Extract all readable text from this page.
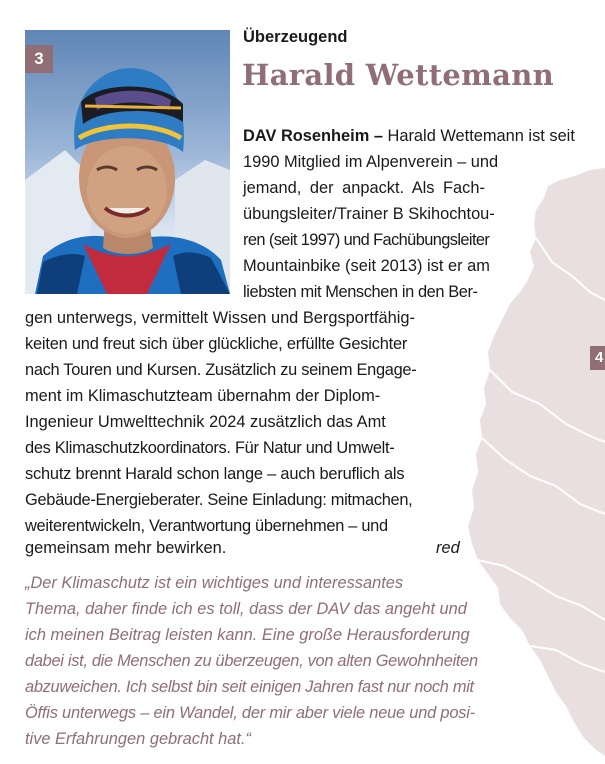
3
4
Überzeugend
Harald Wettemann
DAV Rosenheim – Harald Wettemann ist seit
1990 Mitglied im Alpenverein – und
jemand, der anpackt. Als Fach-
übungsleiter/Trainer B Skihochtou-
ren (seit 1997) und Fachübungsleiter
Mountainbike (seit 2013) ist er am
liebsten mit Menschen in den Ber-
gen unterwegs, vermittelt Wissen und Bergsportfähig-
keiten und freut sich über glückliche, erfüllte Gesichter
nach Touren und Kursen. Zusätzlich zu seinem Engage-
ment im Klimaschutzteam übernahm der Diplom-
Ingenieur Umwelttechnik 2024 zusätzlich das Amt
des Klimaschutzkoordinators. Für Natur und Umwelt-
schutz brennt Harald schon lange – auch beruflich als
Gebäude-Energieberater. Seine Einladung: mitmachen,
weiterentwickeln, Verantwortung übernehmen – und
gemeinsam mehr bewirken.	red
„Der Klimaschutz ist ein wichtiges und interessantes
Thema, daher finde ich es toll, dass der DAV das angeht und
ich meinen Beitrag leisten kann. Eine große Herausforderung
dabei ist, die Menschen zu überzeugen, von alten Gewohnheiten
abzuweichen. Ich selbst bin seit einigen Jahren fast nur noch mit
Öffis unterwegs – ein Wandel, der mir aber viele neue und posi-
tive Erfahrungen gebracht hat.“
